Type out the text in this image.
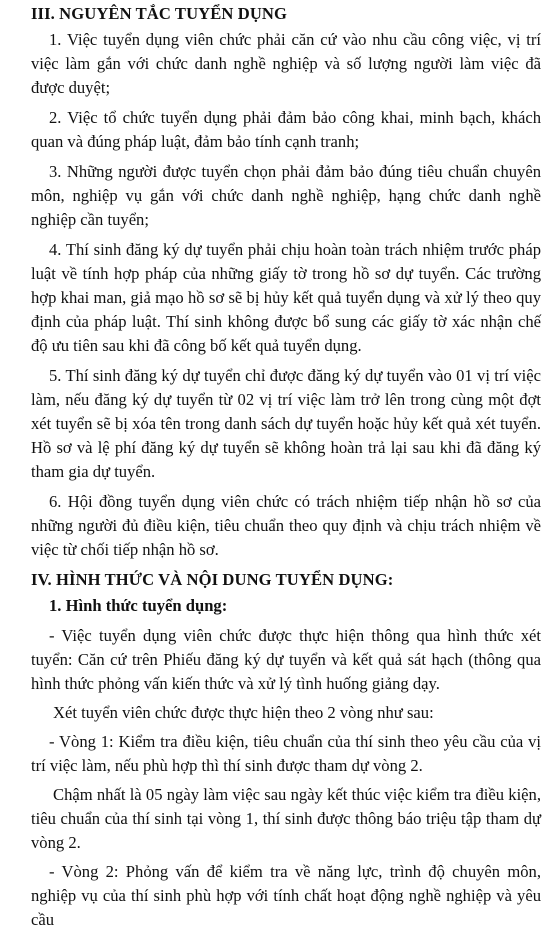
III. NGUYÊN TẮC TUYỂN DỤNG

1. Việc tuyển dụng viên chức phải căn cứ vào nhu cầu công việc, vị trí việc làm gắn với chức danh nghề nghiệp và số lượng người làm việc đã được duyệt;

2. Việc tổ chức tuyển dụng phải đảm bảo công khai, minh bạch, khách quan và đúng pháp luật, đảm bảo tính cạnh tranh;

3. Những người được tuyển chọn phải đảm bảo đúng tiêu chuẩn chuyên môn, nghiệp vụ gắn với chức danh nghề nghiệp, hạng chức danh nghề nghiệp cần tuyển;

4. Thí sinh đăng ký dự tuyển phải chịu hoàn toàn trách nhiệm trước pháp luật về tính hợp pháp của những giấy tờ trong hồ sơ dự tuyển. Các trường hợp khai man, giả mạo hồ sơ sẽ bị hủy kết quả tuyển dụng và xử lý theo quy định của pháp luật. Thí sinh không được bổ sung các giấy tờ xác nhận chế độ ưu tiên sau khi đã công bố kết quả tuyển dụng.

5. Thí sinh đăng ký dự tuyển chỉ được đăng ký dự tuyển vào 01 vị trí việc làm, nếu đăng ký dự tuyển từ 02 vị trí việc làm trở lên trong cùng một đợt xét tuyển sẽ bị xóa tên trong danh sách dự tuyển hoặc hủy kết quả xét tuyển. Hồ sơ và lệ phí đăng ký dự tuyển sẽ không hoàn trả lại sau khi đã đăng ký tham gia dự tuyển.

6. Hội đồng tuyển dụng viên chức có trách nhiệm tiếp nhận hồ sơ của những người đủ điều kiện, tiêu chuẩn theo quy định và chịu trách nhiệm về việc từ chối tiếp nhận hồ sơ.

IV. HÌNH THỨC VÀ NỘI DUNG TUYỂN DỤNG:
1. Hình thức tuyển dụng:

- Việc tuyển dụng viên chức được thực hiện thông qua hình thức xét tuyển: Căn cứ trên Phiếu đăng ký dự tuyển và kết quả sát hạch (thông qua hình thức phỏng vấn kiến thức và xử lý tình huống giảng dạy.

Xét tuyển viên chức được thực hiện theo 2 vòng như sau:

- Vòng 1: Kiểm tra điều kiện, tiêu chuẩn của thí sinh theo yêu cầu của vị trí việc làm, nếu phù hợp thì thí sinh được tham dự vòng 2.

Chậm nhất là 05 ngày làm việc sau ngày kết thúc việc kiểm tra điều kiện, tiêu chuẩn của thí sinh tại vòng 1, thí sinh được thông báo triệu tập tham dự vòng 2.

- Vòng 2: Phỏng vấn để kiểm tra về năng lực, trình độ chuyên môn, nghiệp vụ của thí sinh phù hợp với tính chất hoạt động nghề nghiệp và yêu cầu
